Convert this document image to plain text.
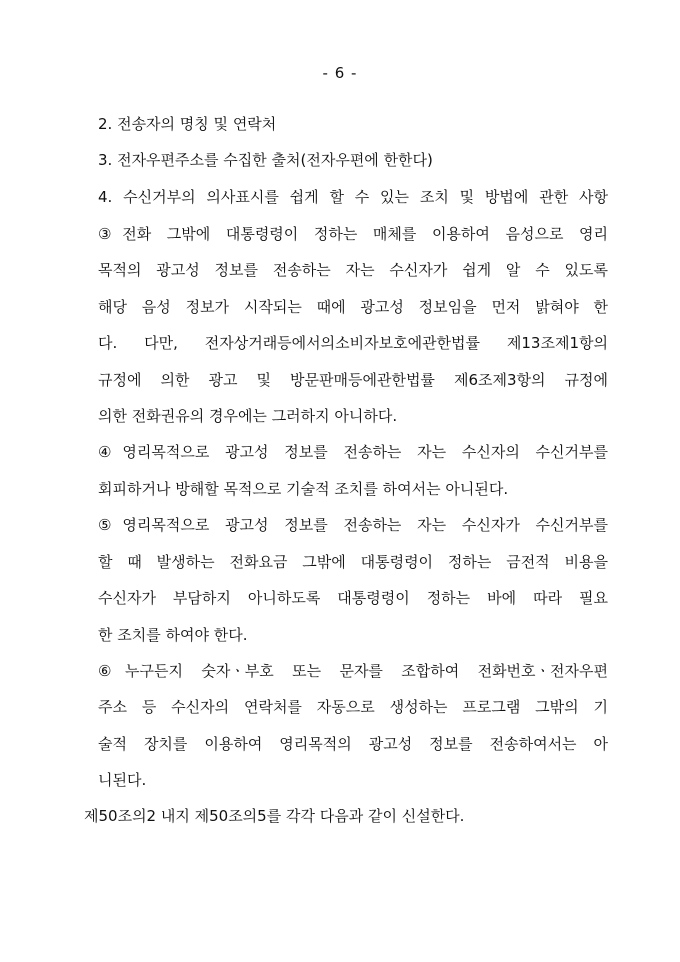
- 6 -
2. 전송자의 명칭 및 연락처
3. 전자우편주소를 수집한 출처(전자우편에 한한다)
4. 수신거부의 의사표시를 쉽게 할 수 있는 조치 및 방법에 관한 사항
③전화 그밖에 대통령령이 정하는 매체를 이용하여 음성으로 영리
목적의 광고성 정보를 전송하는 자는 수신자가 쉽게 알 수 있도록
해당 음성 정보가 시작되는 때에 광고성 정보임을 먼저 밝혀야 한
다. 다만, 전자상거래등에서의소비자보호에관한법률 제13조제1항의
규정에 의한 광고 및 방문판매등에관한법률 제6조제3항의 규정에
의한 전화권유의 경우에는 그러하지 아니하다.
④영리목적으로 광고성 정보를 전송하는 자는 수신자의 수신거부를
회피하거나 방해할 목적으로 기술적 조치를 하여서는 아니된다.
⑤영리목적으로 광고성 정보를 전송하는 자는 수신자가 수신거부를
할 때 발생하는 전화요금 그밖에 대통령령이 정하는 금전적 비용을
수신자가 부담하지 아니하도록 대통령령이 정하는 바에 따라 필요
한 조치를 하여야 한다.
⑥누구든지 숫자ㆍ부호 또는 문자를 조합하여 전화번호ㆍ전자우편
주소 등 수신자의 연락처를 자동으로 생성하는 프로그램 그밖의 기
술적 장치를 이용하여 영리목적의 광고성 정보를 전송하여서는 아
니된다.
제50조의2 내지 제50조의5를 각각 다음과 같이 신설한다.
